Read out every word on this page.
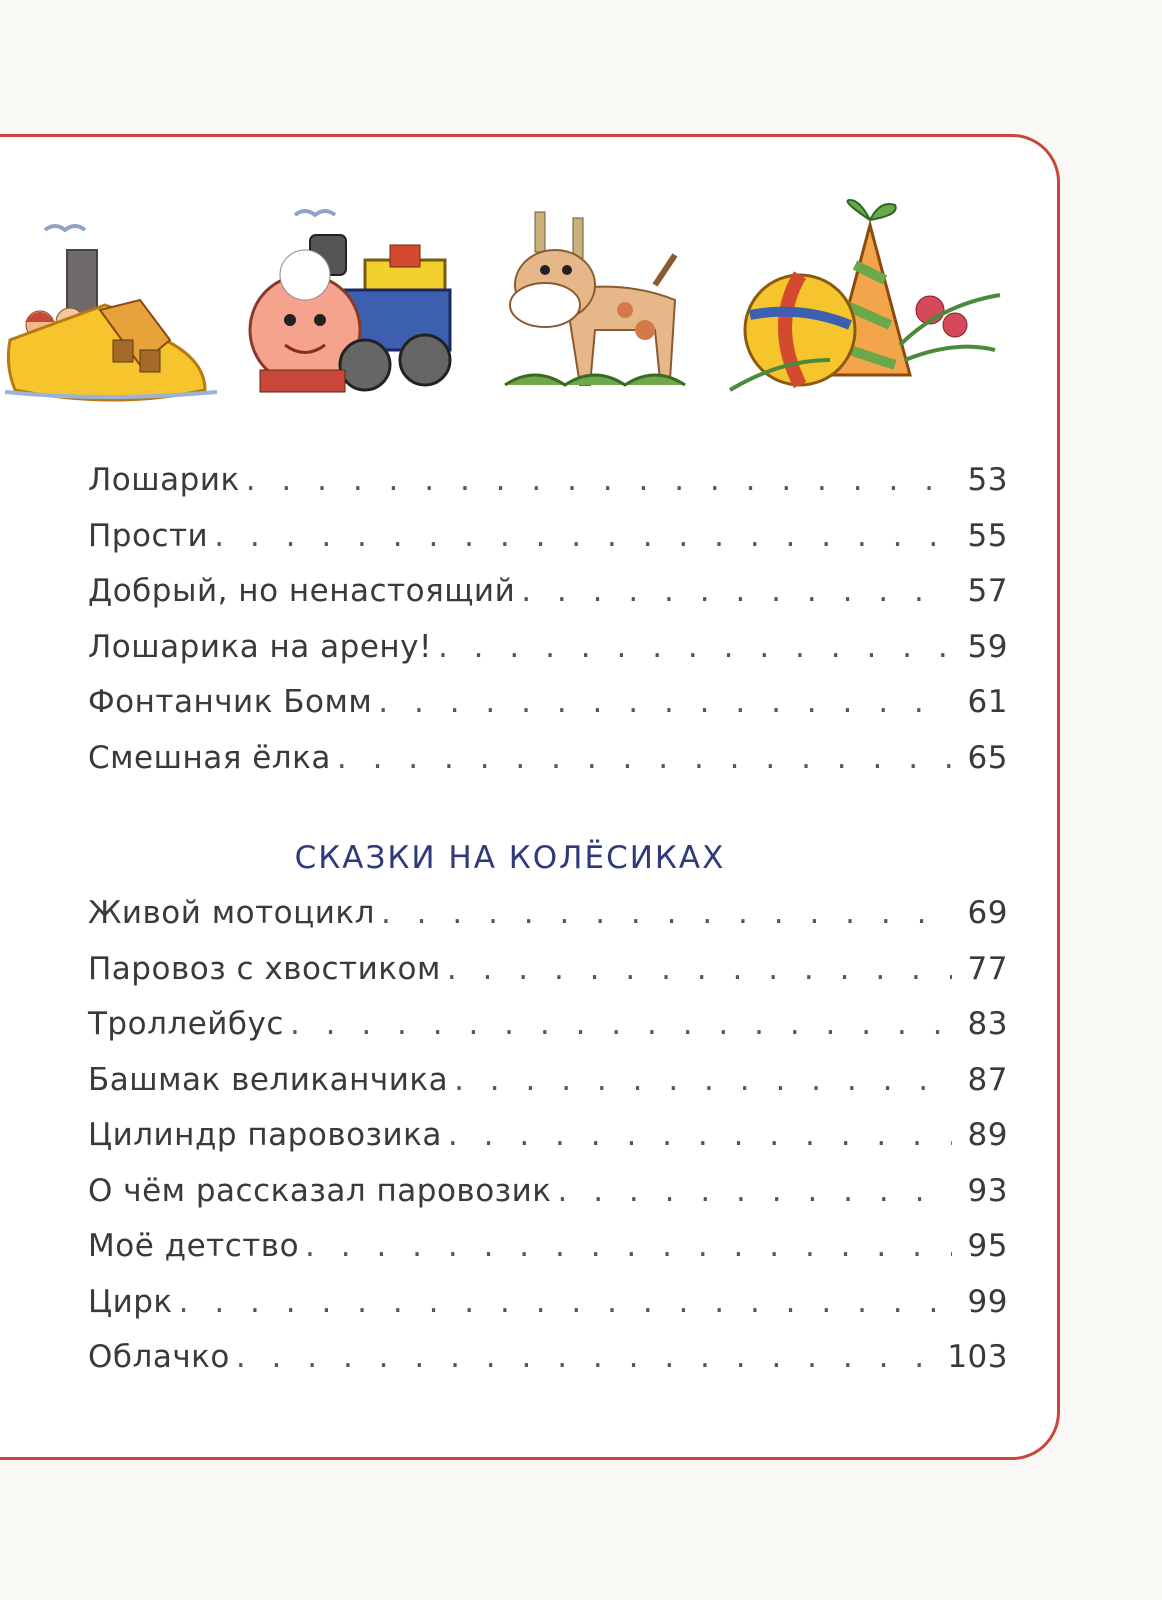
Лошарик . . .	53
Прости . . .	55
Добрый, но ненастоящий . . .	57
Лошарика на арену! . . .	59
Фонтанчик Бомм . . .	61
Смешная ёлка . . .	65
СКАЗКИ НА КОЛЁСИКАХ
Живой мотоцикл . . .	69
Паровоз с хвостиком . . .	77
Троллейбус . . .	83
Башмак великанчика . . .	87
Цилиндр паровозика . . .	89
О чём рассказал паровозик . . .	93
Моё детство . . .	95
Цирк . . .	99
Облачко . . .	103
